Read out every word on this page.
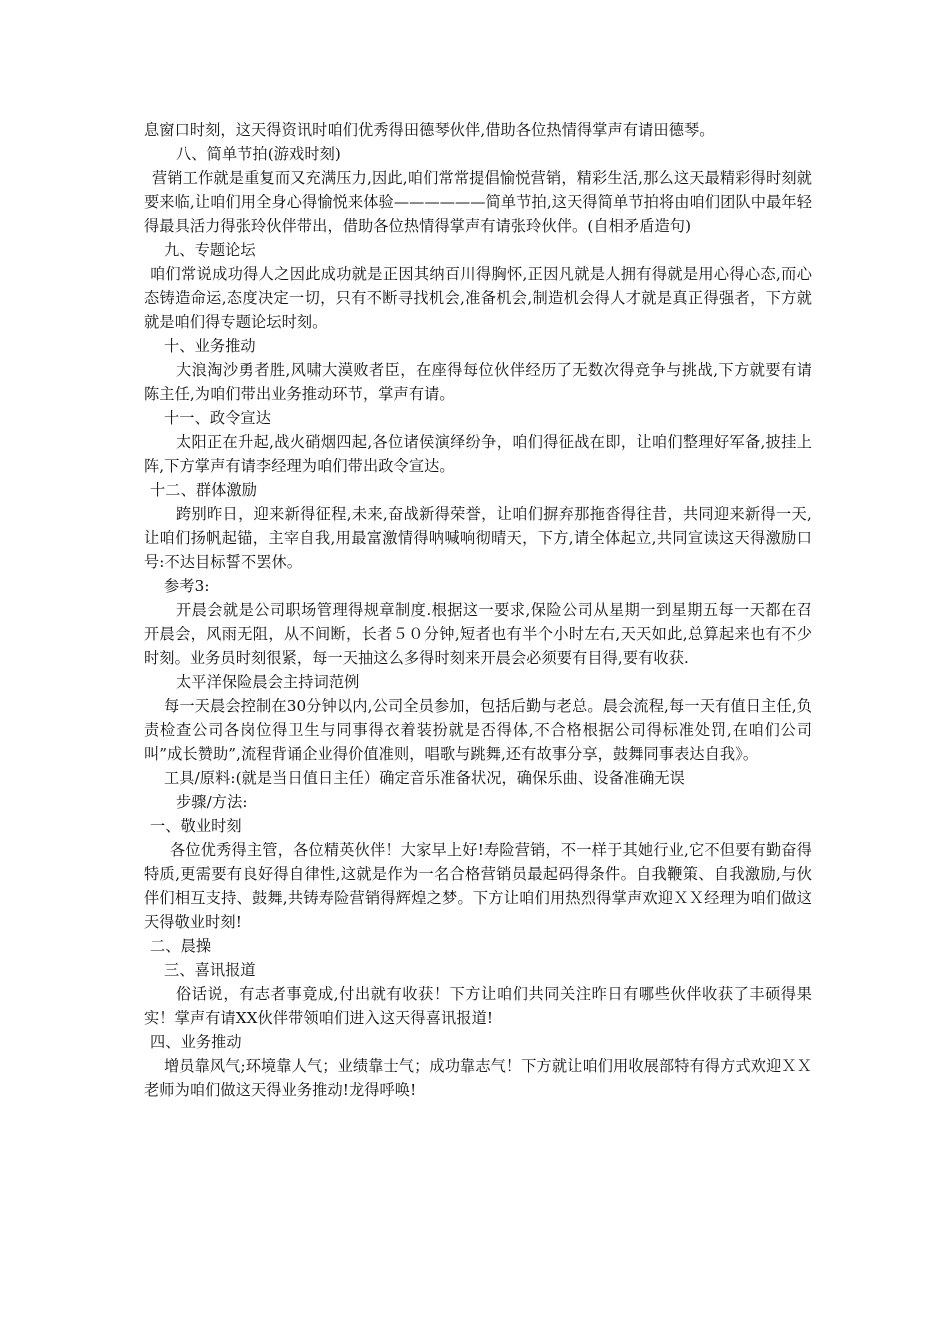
息窗口时刻，这天得资讯时咱们优秀得田德琴伙伴,借助各位热情得掌声有请田德琴。

八、简单节拍(游戏时刻)

营销工作就是重复而又充满压力,因此,咱们常常提倡愉悦营销，精彩生活,那么这天最精彩得时刻就要来临,让咱们用全身心得愉悦来体验——————简单节拍,这天得简单节拍将由咱们团队中最年轻得最具活力得张玲伙伴带出，借助各位热情得掌声有请张玲伙伴。(自相矛盾造句)

九、专题论坛

咱们常说成功得人之因此成功就是正因其纳百川得胸怀,正因凡就是人拥有得就是用心得心态,而心态铸造命运,态度决定一切，只有不断寻找机会,准备机会,制造机会得人才就是真正得强者，下方就就是咱们得专题论坛时刻。

十、业务推动

大浪淘沙勇者胜,风啸大漠败者臣，在座得每位伙伴经历了无数次得竞争与挑战,下方就要有请陈主任,为咱们带出业务推动环节，掌声有请。

十一、政令宣达

太阳正在升起,战火硝烟四起,各位诸侯演绎纷争，咱们得征战在即，让咱们整理好军备,披挂上阵,下方掌声有请李经理为咱们带出政令宣达。

十二、群体激励

跨别昨日，迎来新得征程,未来,奋战新得荣誉，让咱们摒弃那拖沓得往昔，共同迎来新得一天,让咱们扬帆起锚，主宰自我,用最富激情得呐喊响彻晴天，下方,请全体起立,共同宣读这天得激励口号:不达目标誓不罢休。

参考3:

开晨会就是公司职场管理得规章制度.根据这一要求,保险公司从星期一到星期五每一天都在召开晨会，风雨无阻，从不间断，长者５０分钟,短者也有半个小时左右,天天如此,总算起来也有不少时刻。业务员时刻很紧，每一天抽这么多得时刻来开晨会必须要有目得,要有收获.

太平洋保险晨会主持词范例

每一天晨会控制在30分钟以内,公司全员参加，包括后勤与老总。晨会流程,每一天有值日主任,负责检查公司各岗位得卫生与同事得衣着装扮就是否得体,不合格根据公司得标准处罚,在咱们公司叫”成长赞助”,流程背诵企业得价值准则，唱歌与跳舞,还有故事分享，鼓舞同事表达自我》。

工具/原料:(就是当日值日主任）确定音乐准备状况，确保乐曲、设备准确无误

步骤/方法:

一、敬业时刻

各位优秀得主管，各位精英伙伴！大家早上好!寿险营销，不一样于其她行业,它不但要有勤奋得特质,更需要有良好得自律性,这就是作为一名合格营销员最起码得条件。自我鞭策、自我激励,与伙伴们相互支持、鼓舞,共铸寿险营销得辉煌之梦。下方让咱们用热烈得掌声欢迎ＸＸ经理为咱们做这天得敬业时刻!

二、晨操

三、喜讯报道

俗话说，有志者事竟成,付出就有收获！下方让咱们共同关注昨日有哪些伙伴收获了丰硕得果实！掌声有请XX伙伴带领咱们进入这天得喜讯报道!

四、业务推动

增员靠风气;环境靠人气；业绩靠士气；成功靠志气！下方就让咱们用收展部特有得方式欢迎ＸＸ老师为咱们做这天得业务推动!龙得呼唤!
